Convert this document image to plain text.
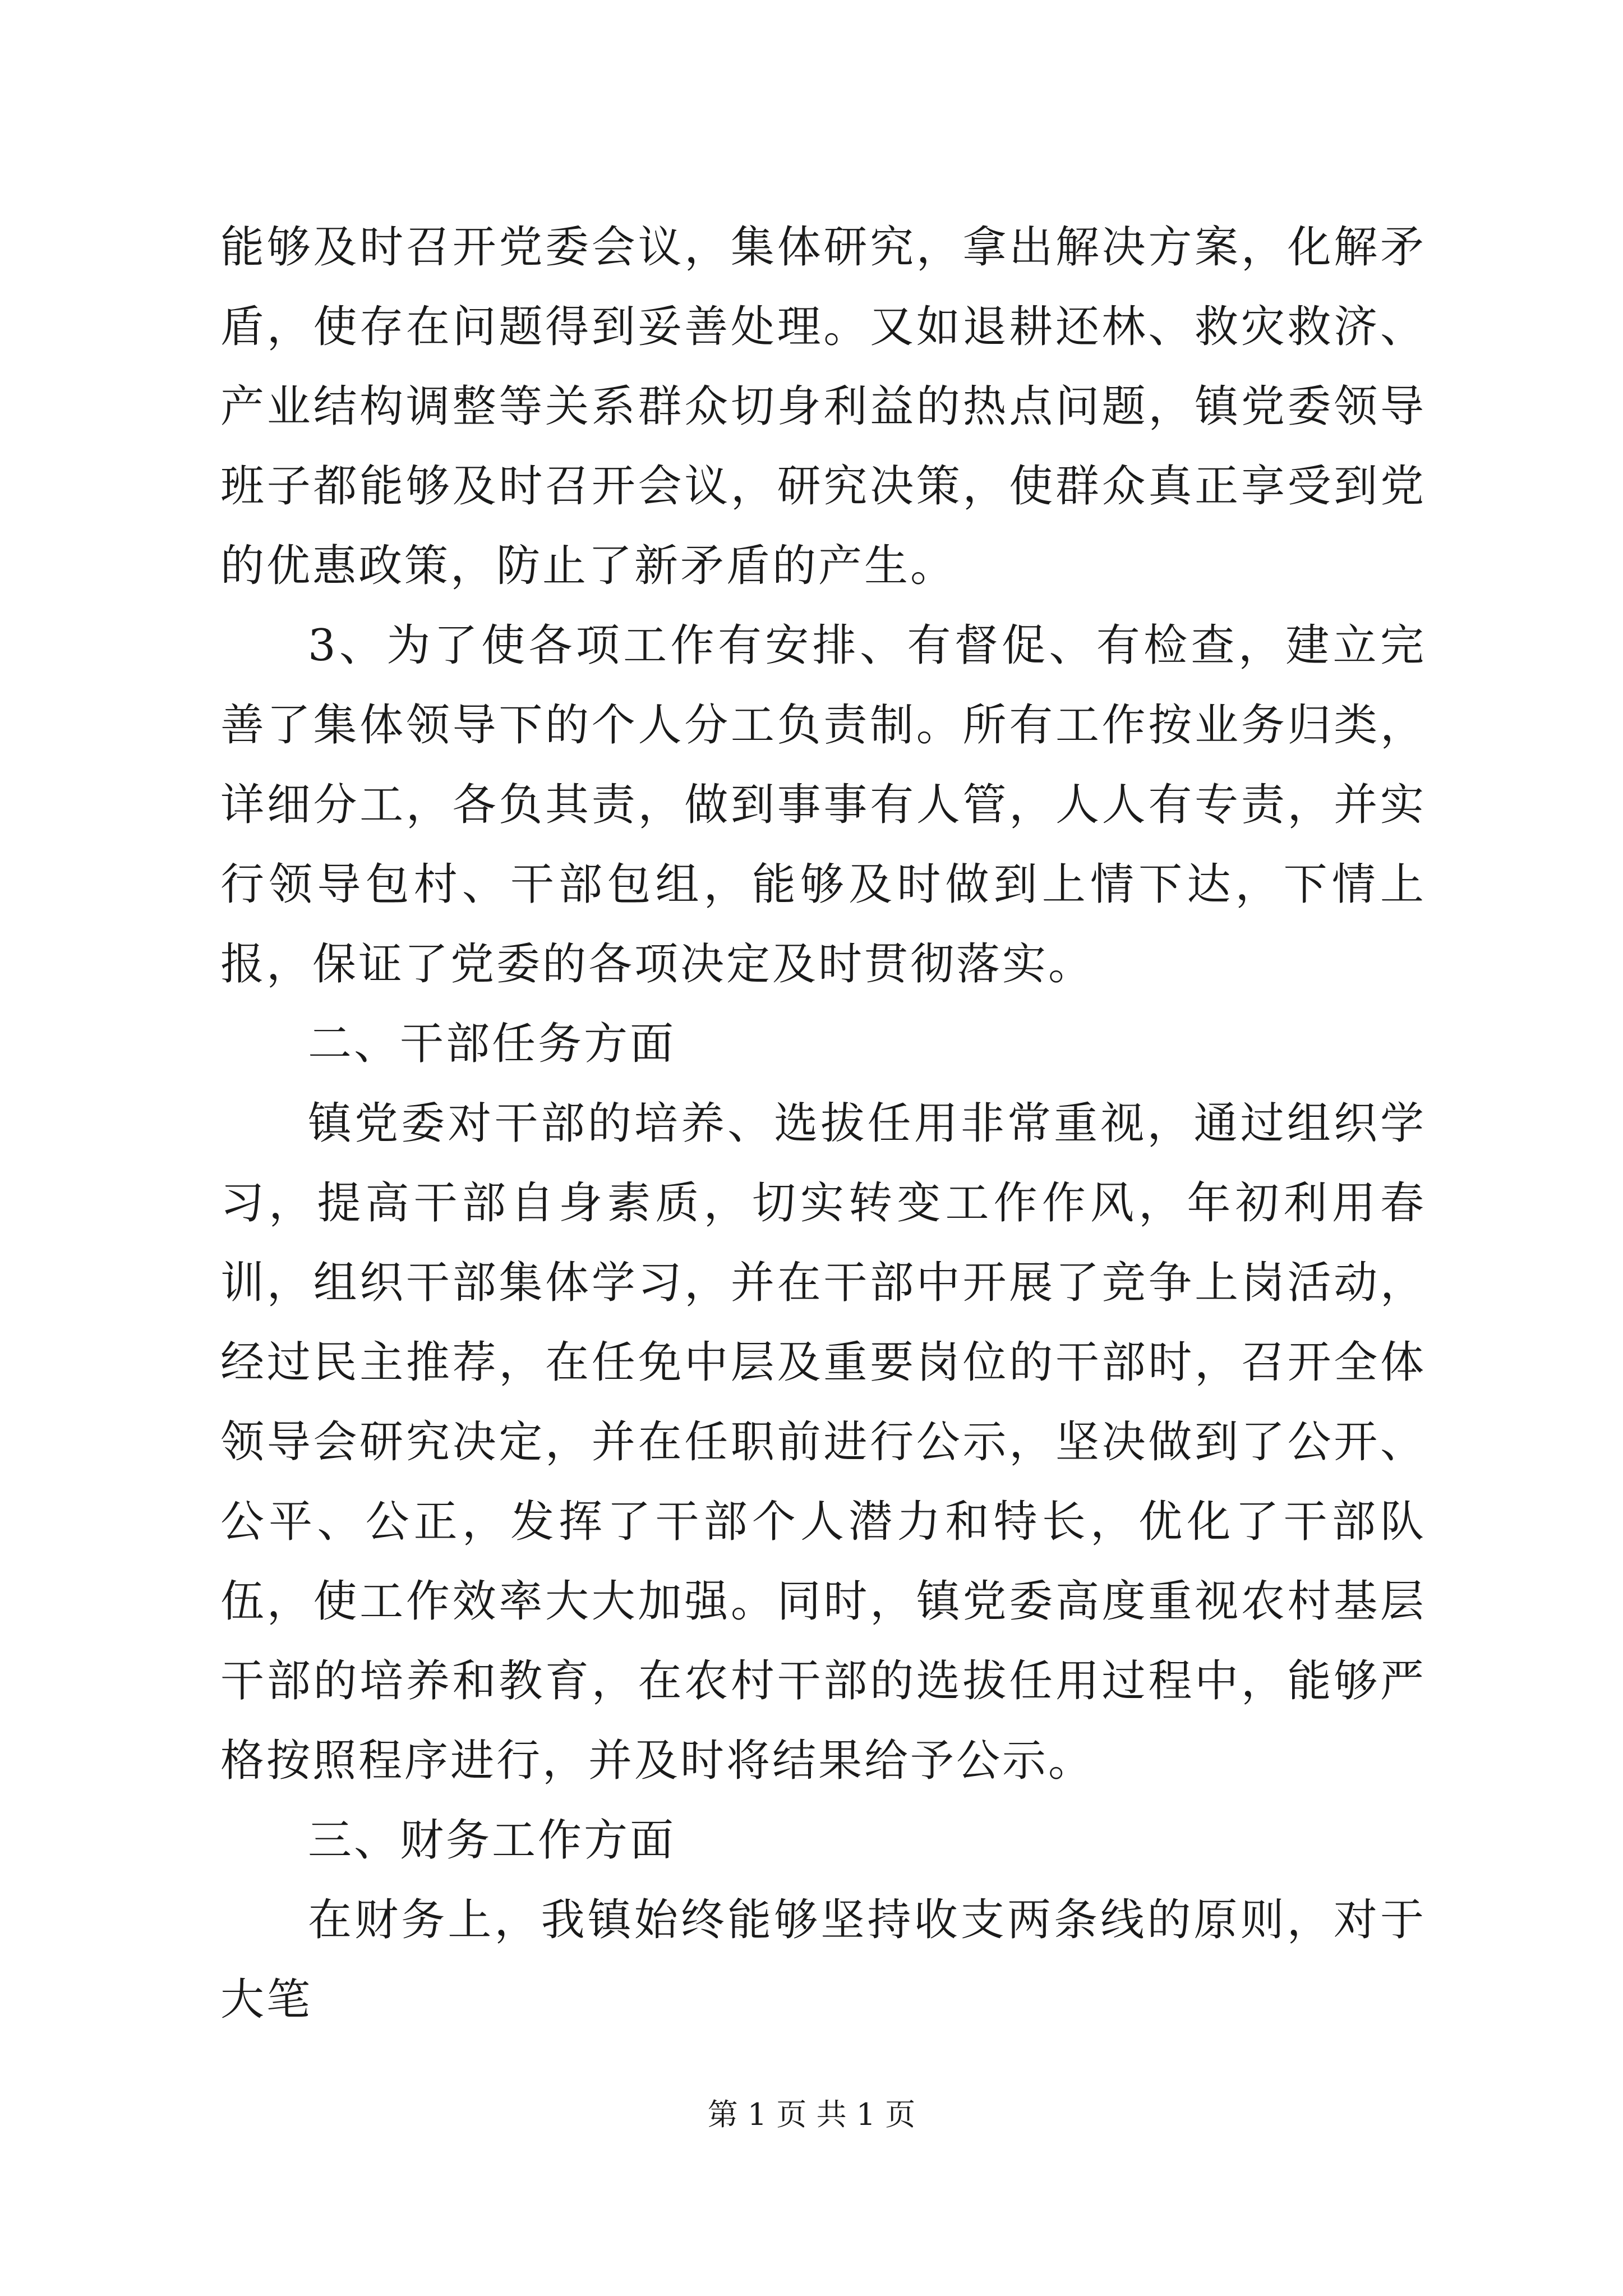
能够及时召开党委会议，集体研究，拿出解决方案，化解矛盾，使存在问题得到妥善处理。又如退耕还林、救灾救济、产业结构调整等关系群众切身利益的热点问题，镇党委领导班子都能够及时召开会议，研究决策，使群众真正享受到党的优惠政策，防止了新矛盾的产生。

3、为了使各项工作有安排、有督促、有检查，建立完善了集体领导下的个人分工负责制。所有工作按业务归类，详细分工，各负其责，做到事事有人管，人人有专责，并实行领导包村、干部包组，能够及时做到上情下达，下情上报，保证了党委的各项决定及时贯彻落实。

二、干部任务方面

镇党委对干部的培养、选拔任用非常重视，通过组织学习，提高干部自身素质，切实转变工作作风，年初利用春训，组织干部集体学习，并在干部中开展了竞争上岗活动，经过民主推荐，在任免中层及重要岗位的干部时，召开全体领导会研究决定，并在任职前进行公示，坚决做到了公开、公平、公正，发挥了干部个人潜力和特长，优化了干部队伍，使工作效率大大加强。同时，镇党委高度重视农村基层干部的培养和教育，在农村干部的选拔任用过程中，能够严格按照程序进行，并及时将结果给予公示。

三、财务工作方面

在财务上，我镇始终能够坚持收支两条线的原则，对于大笔

第 1 页 共 1 页
